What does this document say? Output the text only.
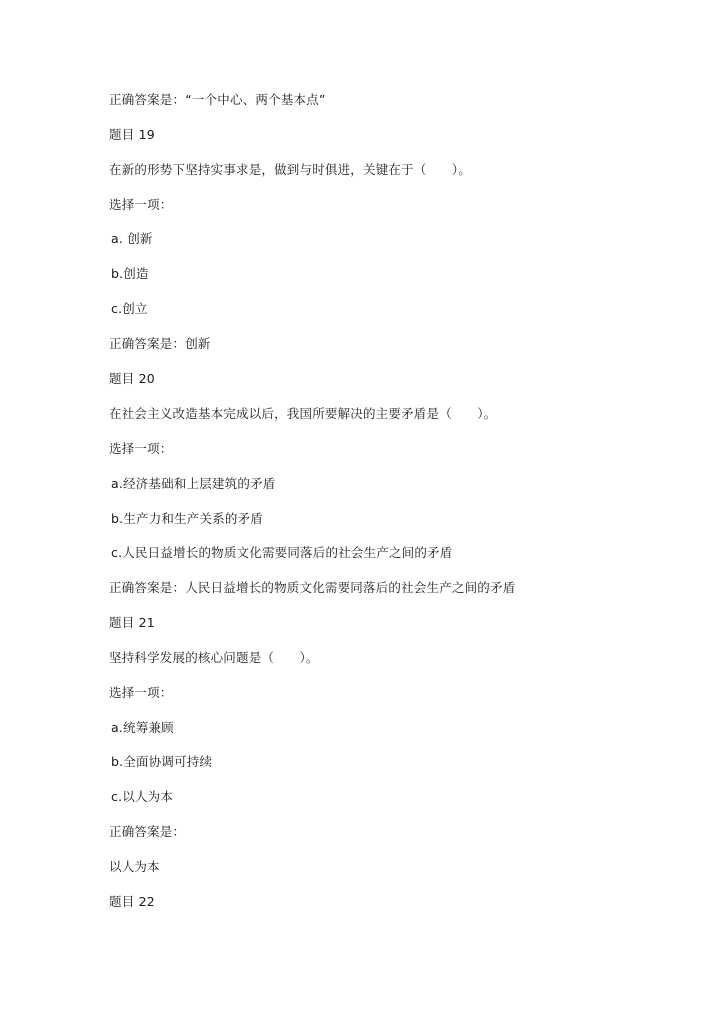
正确答案是：“一个中心、两个基本点”
题目 19
在新的形势下坚持实事求是，做到与时俱进，关键在于（　　）。
选择一项：
a. 创新
b.创造
c.创立
正确答案是：创新
题目 20
在社会主义改造基本完成以后，我国所要解决的主要矛盾是（　　）。
选择一项：
a.经济基础和上层建筑的矛盾
b.生产力和生产关系的矛盾
c.人民日益增长的物质文化需要同落后的社会生产之间的矛盾
正确答案是：人民日益增长的物质文化需要同落后的社会生产之间的矛盾
题目 21
坚持科学发展的核心问题是（　　）。
选择一项：
a.统筹兼顾
b.全面协调可持续
c.以人为本
正确答案是：
以人为本
题目 22
